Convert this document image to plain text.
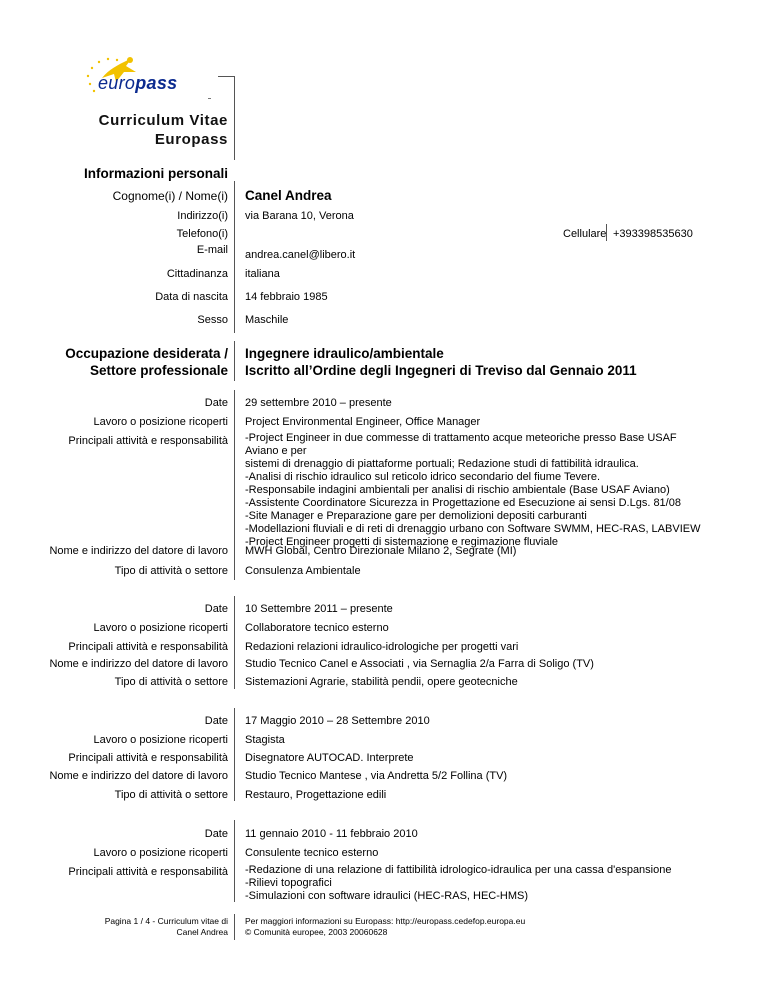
europass
Curriculum Vitae
Europass
Informazioni personali
Cognome(i) / Nome(i) Canel Andrea
Indirizzo(i) via Barana 10, Verona
Telefono(i)	Cellulare +393398535630
E-mail andrea.canel@libero.it
Cittadinanza italiana
Data di nascita 14 febbraio 1985
Sesso Maschile
Occupazione desiderata /
Settore professionale
Ingegnere idraulico/ambientale
Iscritto all’Ordine degli Ingegneri di Treviso dal Gennaio 2011
Date 29 settembre 2010 – presente
Lavoro o posizione ricoperti Project Environmental Engineer, Office Manager
Principali attività e responsabilità -Project Engineer in due commesse di trattamento acque meteoriche presso Base USAF Aviano e per
sistemi di drenaggio di piattaforme portuali; Redazione studi di fattibilità idraulica.
-Analisi di rischio idraulico sul reticolo idrico secondario del fiume Tevere.
-Responsabile indagini ambientali per analisi di rischio ambientale (Base USAF Aviano)
-Assistente Coordinatore Sicurezza in Progettazione ed Esecuzione ai sensi D.Lgs. 81/08
-Site Manager e Preparazione gare per demolizioni depositi carburanti
-Modellazioni fluviali e di reti di drenaggio urbano con Software SWMM, HEC-RAS, LABVIEW
-Project Engineer progetti di sistemazione e regimazione fluviale
Nome e indirizzo del datore di lavoro MWH Global, Centro Direzionale Milano 2, Segrate (MI)
Tipo di attività o settore Consulenza Ambientale
Date 10 Settembre 2011 – presente
Lavoro o posizione ricoperti Collaboratore tecnico esterno
Principali attività e responsabilità Redazioni relazioni idraulico-idrologiche per progetti vari
Nome e indirizzo del datore di lavoro Studio Tecnico Canel e Associati , via Sernaglia 2/a Farra di Soligo (TV)
Tipo di attività o settore Sistemazioni Agrarie, stabilità pendii, opere geotecniche
Date 17 Maggio 2010 – 28 Settembre 2010
Lavoro o posizione ricoperti Stagista
Principali attività e responsabilità Disegnatore AUTOCAD. Interprete
Nome e indirizzo del datore di lavoro Studio Tecnico Mantese , via Andretta 5/2 Follina (TV)
Tipo di attività o settore Restauro, Progettazione edili
Date 11 gennaio 2010 - 11 febbraio 2010
Lavoro o posizione ricoperti Consulente tecnico esterno
Principali attività e responsabilità -Redazione di una relazione di fattibilità idrologico-idraulica per una cassa d'espansione
-Rilievi topografici
-Simulazioni con software idraulici (HEC-RAS, HEC-HMS)
Pagina 1 / 4 - Curriculum vitae di
Canel Andrea
Per maggiori informazioni su Europass: http://europass.cedefop.europa.eu
© Comunità europee, 2003 20060628
